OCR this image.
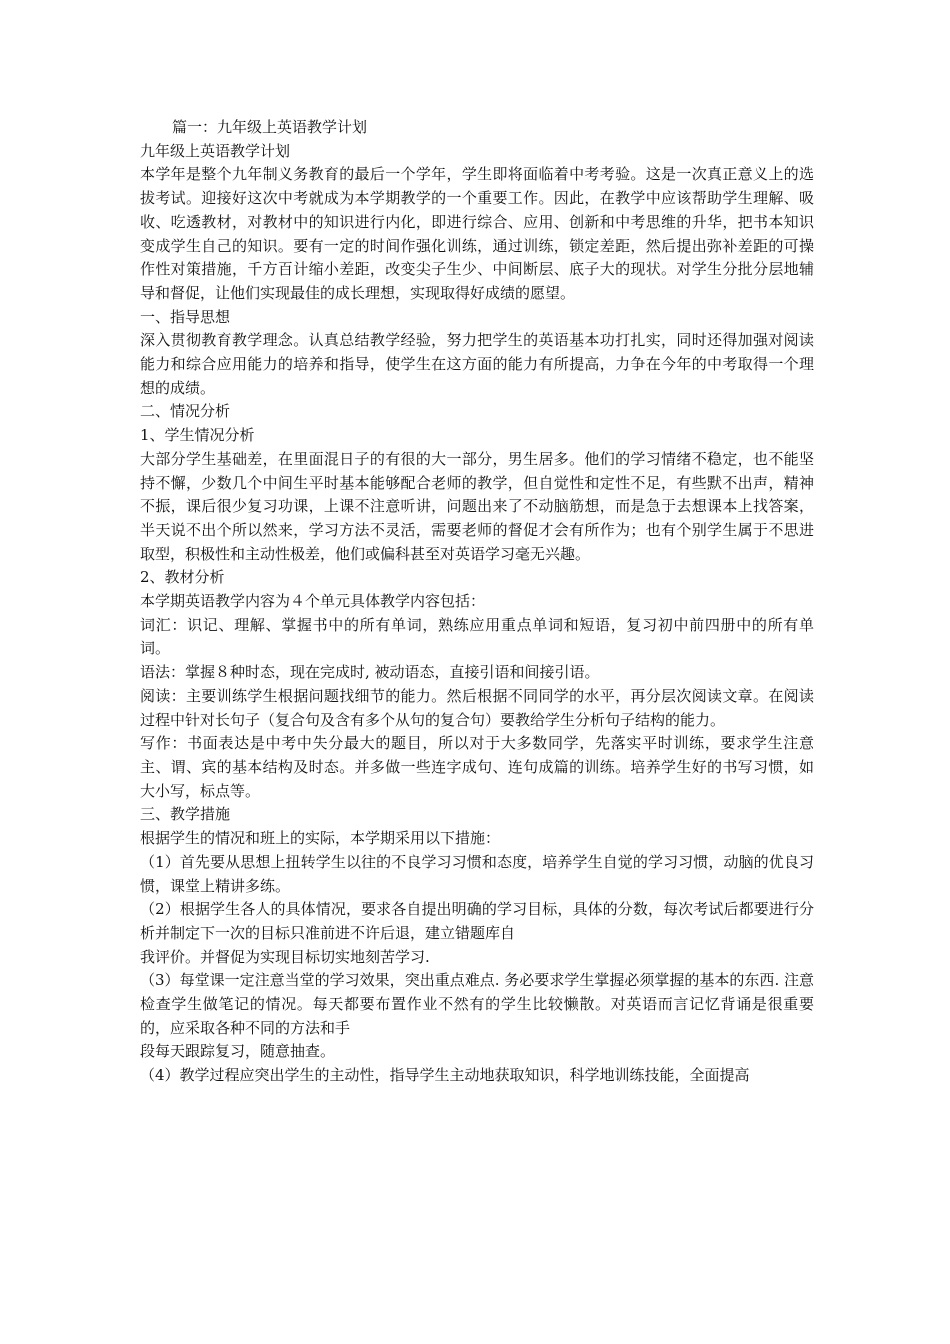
篇一：九年级上英语教学计划

九年级上英语教学计划

本学年是整个九年制义务教育的最后一个学年，学生即将面临着中考考验。这是一次真正意义上的选拔考试。迎接好这次中考就成为本学期教学的一个重要工作。因此，在教学中应该帮助学生理解、吸收、吃透教材，对教材中的知识进行内化，即进行综合、应用、创新和中考思维的升华，把书本知识变成学生自己的知识。要有一定的时间作强化训练，通过训练，锁定差距，然后提出弥补差距的可操作性对策措施，千方百计缩小差距，改变尖子生少、中间断层、底子大的现状。对学生分批分层地辅导和督促，让他们实现最佳的成长理想，实现取得好成绩的愿望。

一、指导思想

深入贯彻教育教学理念。认真总结教学经验，努力把学生的英语基本功打扎实，同时还得加强对阅读能力和综合应用能力的培养和指导，使学生在这方面的能力有所提高，力争在今年的中考取得一个理想的成绩。

二、情况分析

1、学生情况分析

大部分学生基础差，在里面混日子的有很的大一部分，男生居多。他们的学习情绪不稳定，也不能坚持不懈，少数几个中间生平时基本能够配合老师的教学，但自觉性和定性不足，有些默不出声，精神不振，课后很少复习功课，上课不注意听讲，问题出来了不动脑筋想，而是急于去想课本上找答案，半天说不出个所以然来，学习方法不灵活，需要老师的督促才会有所作为；也有个别学生属于不思进取型，积极性和主动性极差，他们或偏科甚至对英语学习毫无兴趣。

2、教材分析

本学期英语教学内容为４个单元具体教学内容包括：

词汇：识记、理解、掌握书中的所有单词，熟练应用重点单词和短语，复习初中前四册中的所有单词。

语法：掌握８种时态，现在完成时, 被动语态，直接引语和间接引语。

阅读：主要训练学生根据问题找细节的能力。然后根据不同同学的水平，再分层次阅读文章。在阅读过程中针对长句子（复合句及含有多个从句的复合句）要教给学生分析句子结构的能力。

写作：书面表达是中考中失分最大的题目，所以对于大多数同学，先落实平时训练，要求学生注意主、谓、宾的基本结构及时态。并多做一些连字成句、连句成篇的训练。培养学生好的书写习惯，如大小写，标点等。

三、教学措施

根据学生的情况和班上的实际，本学期采用以下措施：

（1）首先要从思想上扭转学生以往的不良学习习惯和态度，培养学生自觉的学习习惯，动脑的优良习惯，课堂上精讲多练。

（2）根据学生各人的具体情况，要求各自提出明确的学习目标，具体的分数，每次考试后都要进行分析并制定下一次的目标只准前进不许后退，建立错题库自

我评价。并督促为实现目标切实地刻苦学习.

（3）每堂课一定注意当堂的学习效果，突出重点难点. 务必要求学生掌握必须掌握的基本的东西. 注意检查学生做笔记的情况。每天都要布置作业不然有的学生比较懒散。对英语而言记忆背诵是很重要的，应采取各种不同的方法和手

段每天跟踪复习，随意抽查。

（4）教学过程应突出学生的主动性，指导学生主动地获取知识，科学地训练技能，全面提高
